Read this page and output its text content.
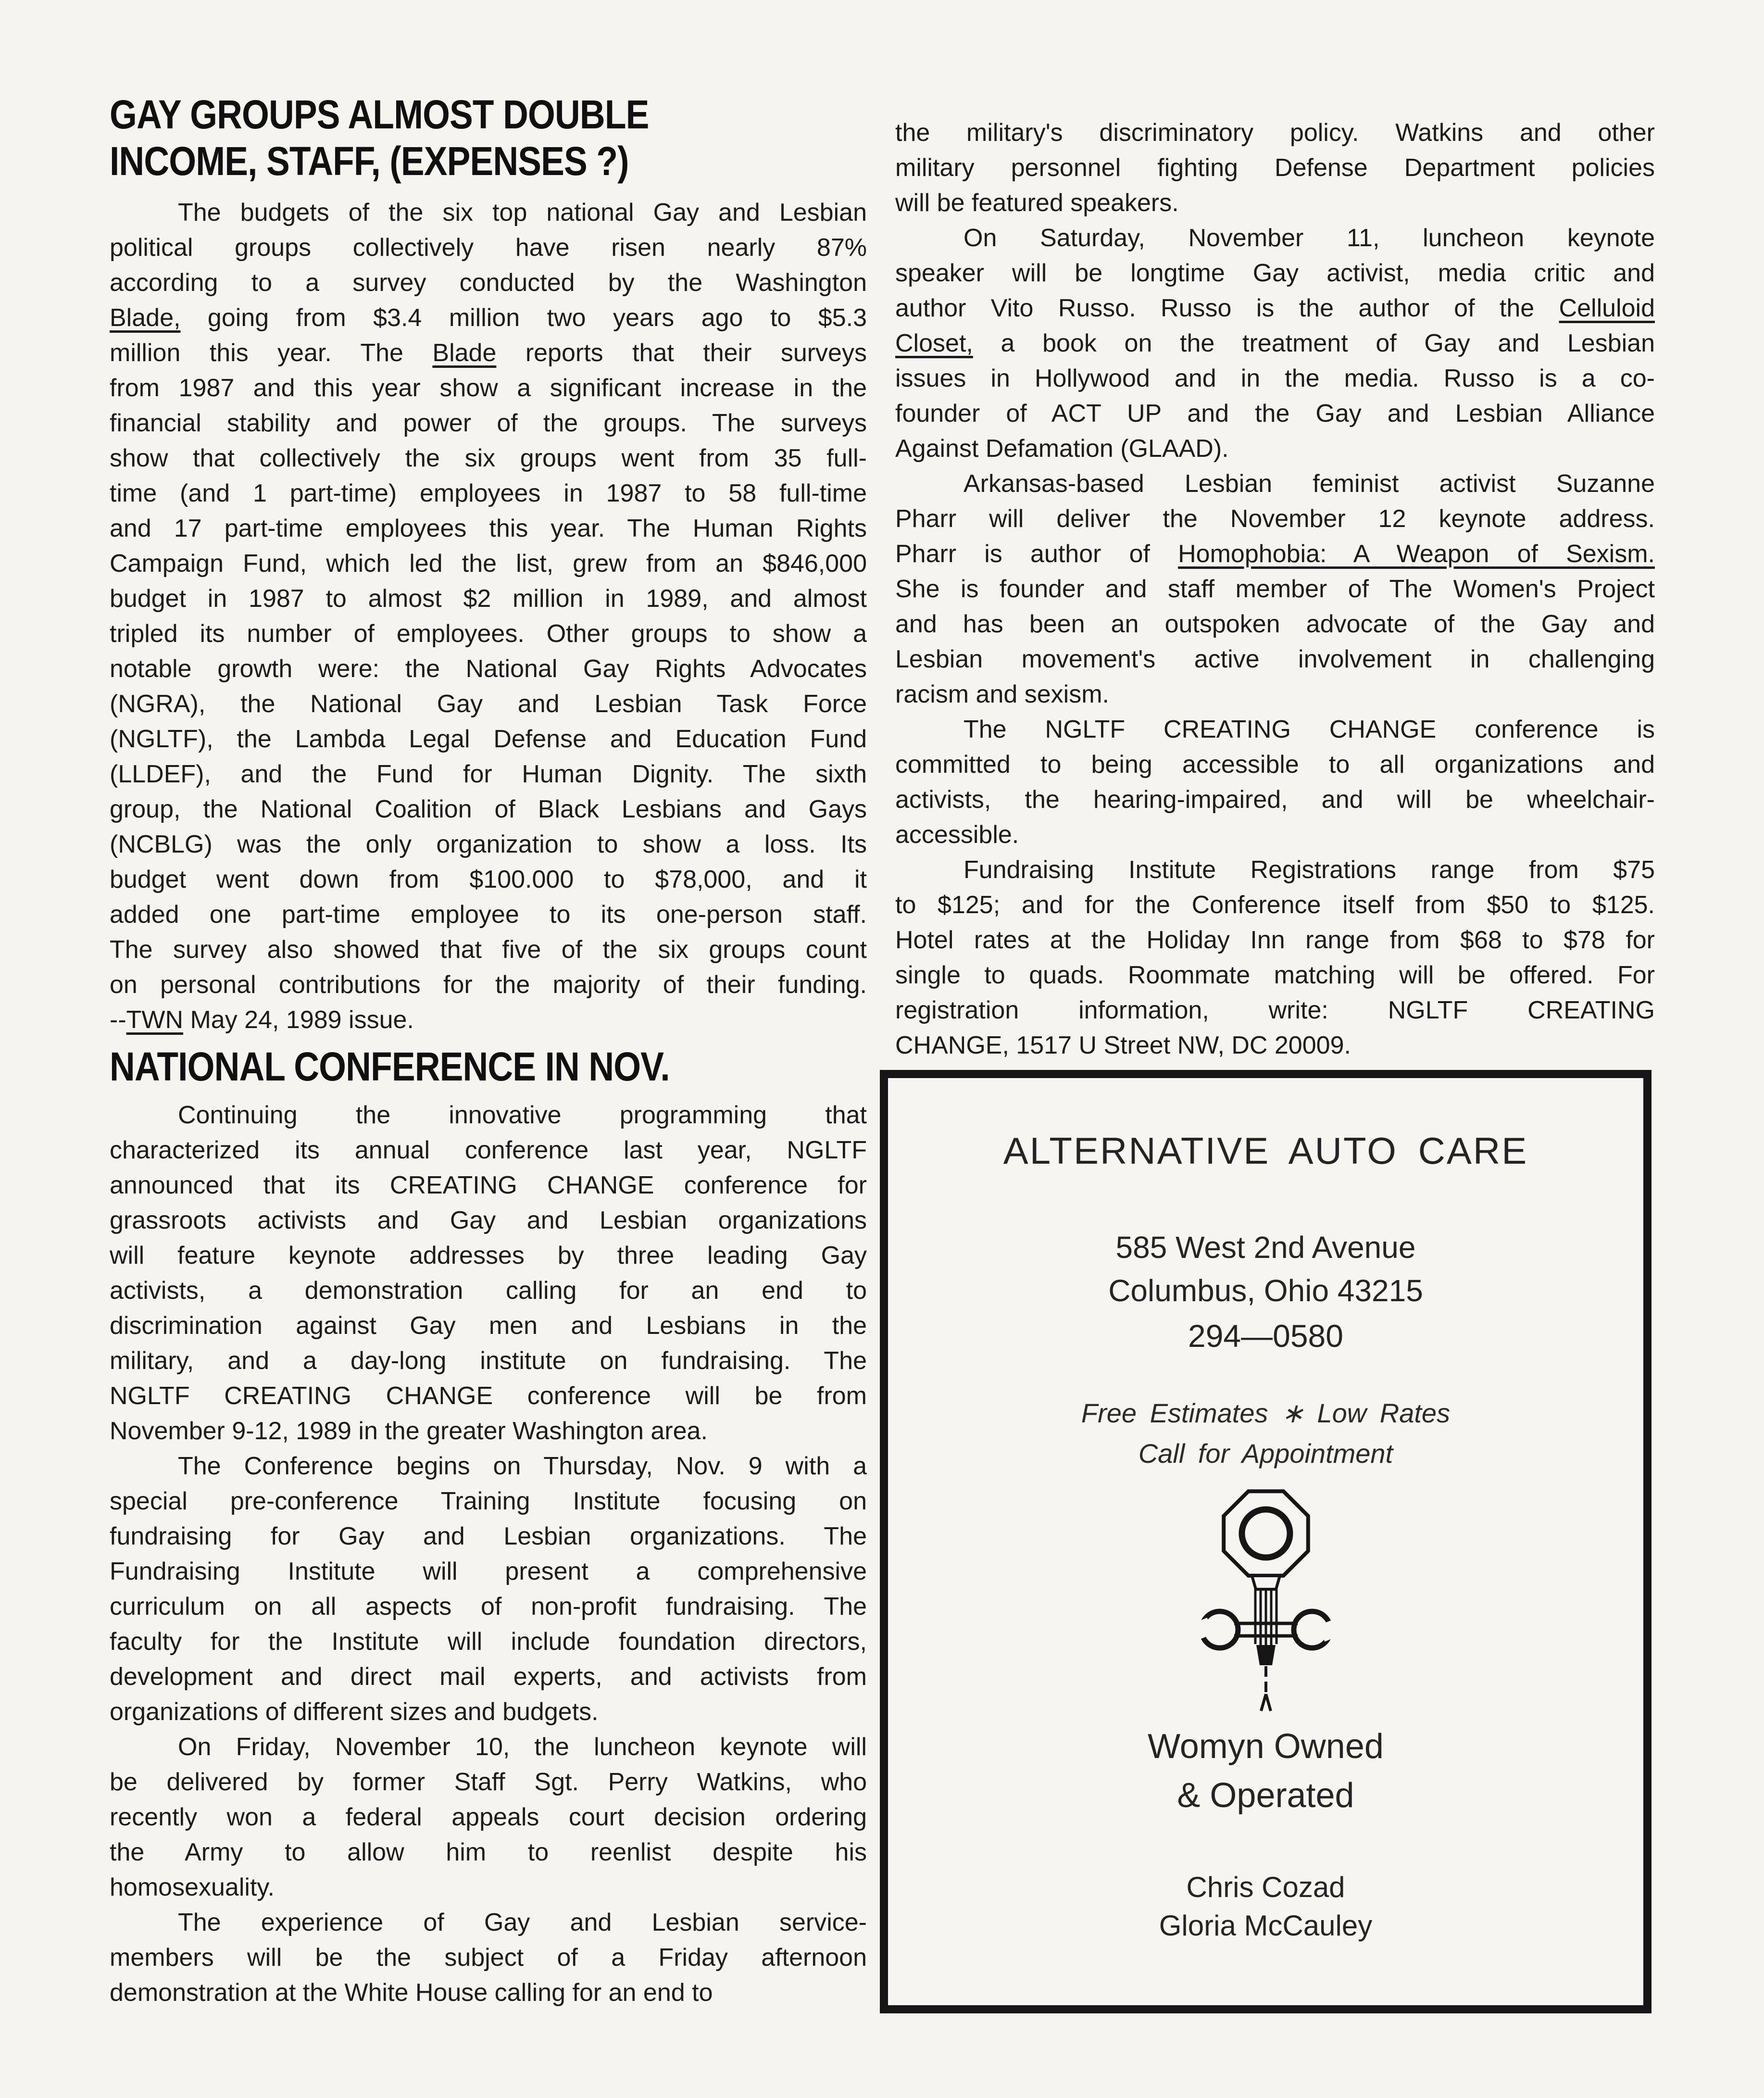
GAY GROUPS ALMOST DOUBLE
INCOME, STAFF, (EXPENSES ?)
The budgets of the six top national Gay and Lesbian
political groups collectively have risen nearly 87%
according to a survey conducted by the Washington
Blade, going from $3.4 million two years ago to $5.3
million this year. The Blade reports that their surveys
from 1987 and this year show a significant increase in the
financial stability and power of the groups. The surveys
show that collectively the six groups went from 35 full-
time (and 1 part-time) employees in 1987 to 58 full-time
and 17 part-time employees this year. The Human Rights
Campaign Fund, which led the list, grew from an $846,000
budget in 1987 to almost $2 million in 1989, and almost
tripled its number of employees. Other groups to show a
notable growth were: the National Gay Rights Advocates
(NGRA), the National Gay and Lesbian Task Force
(NGLTF), the Lambda Legal Defense and Education Fund
(LLDEF), and the Fund for Human Dignity. The sixth
group, the National Coalition of Black Lesbians and Gays
(NCBLG) was the only organization to show a loss. Its
budget went down from $100.000 to $78,000, and it
added one part-time employee to its one-person staff.
The survey also showed that five of the six groups count
on personal contributions for the majority of their funding.
--TWN May 24, 1989 issue.
NATIONAL CONFERENCE IN NOV.
Continuing the innovative programming that
characterized its annual conference last year, NGLTF
announced that its CREATING CHANGE conference for
grassroots activists and Gay and Lesbian organizations
will feature keynote addresses by three leading Gay
activists, a demonstration calling for an end to
discrimination against Gay men and Lesbians in the
military, and a day-long institute on fundraising. The
NGLTF CREATING CHANGE conference will be from
November 9-12, 1989 in the greater Washington area.
The Conference begins on Thursday, Nov. 9 with a
special pre-conference Training Institute focusing on
fundraising for Gay and Lesbian organizations. The
Fundraising Institute will present a comprehensive
curriculum on all aspects of non-profit fundraising. The
faculty for the Institute will include foundation directors,
development and direct mail experts, and activists from
organizations of different sizes and budgets.
On Friday, November 10, the luncheon keynote will
be delivered by former Staff Sgt. Perry Watkins, who
recently won a federal appeals court decision ordering
the Army to allow him to reenlist despite his
homosexuality.
The experience of Gay and Lesbian service-
members will be the subject of a Friday afternoon
demonstration at the White House calling for an end to
the military's discriminatory policy. Watkins and other
military personnel fighting Defense Department policies
will be featured speakers.
On Saturday, November 11, luncheon keynote
speaker will be longtime Gay activist, media critic and
author Vito Russo. Russo is the author of the Celluloid
Closet, a book on the treatment of Gay and Lesbian
issues in Hollywood and in the media. Russo is a co-
founder of ACT UP and the Gay and Lesbian Alliance
Against Defamation (GLAAD).
Arkansas-based Lesbian feminist activist Suzanne
Pharr will deliver the November 12 keynote address.
Pharr is author of Homophobia: A Weapon of Sexism.
She is founder and staff member of The Women's Project
and has been an outspoken advocate of the Gay and
Lesbian movement's active involvement in challenging
racism and sexism.
The NGLTF CREATING CHANGE conference is
committed to being accessible to all organizations and
activists, the hearing-impaired, and will be wheelchair-
accessible.
Fundraising Institute Registrations range from $75
to $125; and for the Conference itself from $50 to $125.
Hotel rates at the Holiday Inn range from $68 to $78 for
single to quads. Roommate matching will be offered. For
registration information, write: NGLTF CREATING
CHANGE, 1517 U Street NW, DC 20009.
ALTERNATIVE AUTO CARE
585 West 2nd Avenue
Columbus, Ohio 43215
294—0580
Free Estimates ∗ Low Rates
Call for Appointment
Womyn Owned
& Operated
Chris Cozad
Gloria McCauley
